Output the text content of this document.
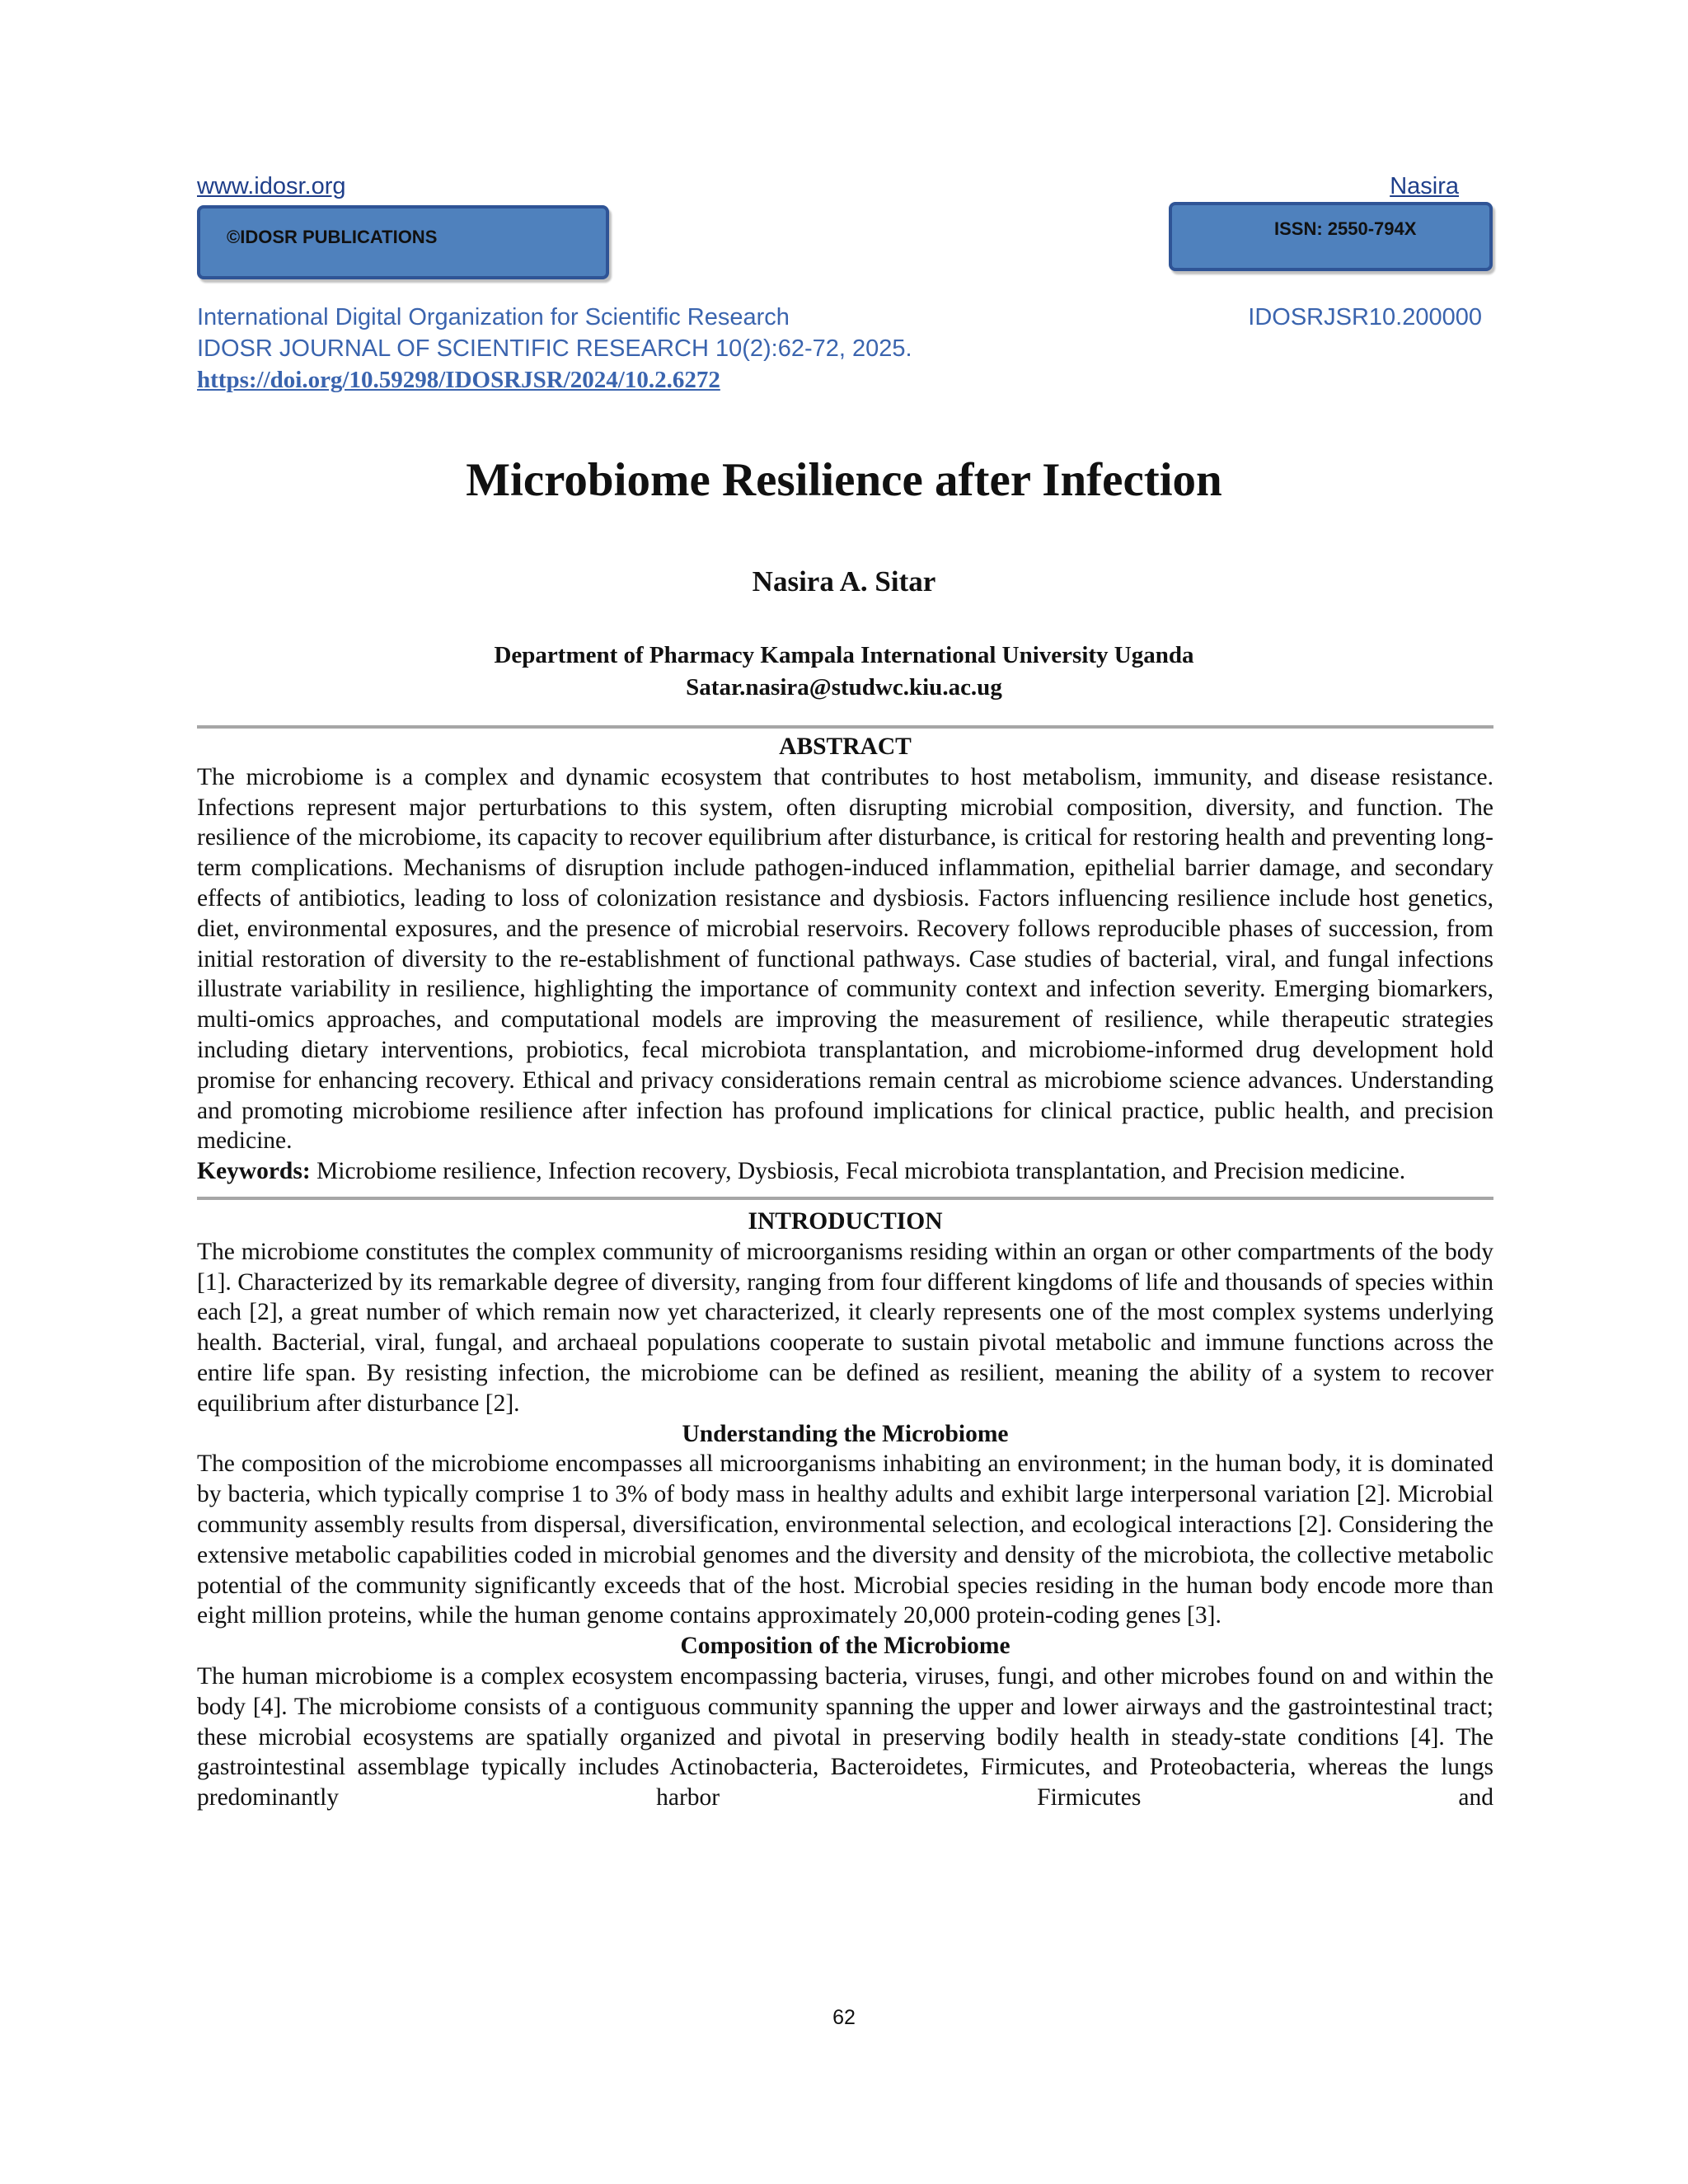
www.idosr.org	Nasira
©IDOSR PUBLICATIONS	ISSN: 2550-794X
International Digital Organization for Scientific Research	IDOSRJSR10.200000
IDOSR JOURNAL OF SCIENTIFIC RESEARCH 10(2):62-72, 2025.
https://doi.org/10.59298/IDOSRJSR/2024/10.2.6272
Microbiome Resilience after Infection
Nasira A. Sitar
Department of Pharmacy Kampala International University Uganda
Satar.nasira@studwc.kiu.ac.ug
ABSTRACT

The microbiome is a complex and dynamic ecosystem that contributes to host metabolism, immunity, and disease resistance. Infections represent major perturbations to this system, often disrupting microbial composition, diversity, and function. The resilience of the microbiome, its capacity to recover equilibrium after disturbance, is critical for restoring health and preventing long-term complications. Mechanisms of disruption include pathogen-induced inflammation, epithelial barrier damage, and secondary effects of antibiotics, leading to loss of colonization resistance and dysbiosis. Factors influencing resilience include host genetics, diet, environmental exposures, and the presence of microbial reservoirs. Recovery follows reproducible phases of succession, from initial restoration of diversity to the re-establishment of functional pathways. Case studies of bacterial, viral, and fungal infections illustrate variability in resilience, highlighting the importance of community context and infection severity. Emerging biomarkers, multi-omics approaches, and computational models are improving the measurement of resilience, while therapeutic strategies including dietary interventions, probiotics, fecal microbiota transplantation, and microbiome-informed drug development hold promise for enhancing recovery. Ethical and privacy considerations remain central as microbiome science advances. Understanding and promoting microbiome resilience after infection has profound implications for clinical practice, public health, and precision medicine.

Keywords: Microbiome resilience, Infection recovery, Dysbiosis, Fecal microbiota transplantation, and Precision medicine.

INTRODUCTION

The microbiome constitutes the complex community of microorganisms residing within an organ or other compartments of the body [1]. Characterized by its remarkable degree of diversity, ranging from four different kingdoms of life and thousands of species within each [2], a great number of which remain now yet characterized, it clearly represents one of the most complex systems underlying health. Bacterial, viral, fungal, and archaeal populations cooperate to sustain pivotal metabolic and immune functions across the entire life span. By resisting infection, the microbiome can be defined as resilient, meaning the ability of a system to recover equilibrium after disturbance [2].

Understanding the Microbiome

The composition of the microbiome encompasses all microorganisms inhabiting an environment; in the human body, it is dominated by bacteria, which typically comprise 1 to 3% of body mass in healthy adults and exhibit large interpersonal variation [2]. Microbial community assembly results from dispersal, diversification, environmental selection, and ecological interactions [2]. Considering the extensive metabolic capabilities coded in microbial genomes and the diversity and density of the microbiota, the collective metabolic potential of the community significantly exceeds that of the host. Microbial species residing in the human body encode more than eight million proteins, while the human genome contains approximately 20,000 protein-coding genes [3].

Composition of the Microbiome

The human microbiome is a complex ecosystem encompassing bacteria, viruses, fungi, and other microbes found on and within the body [4]. The microbiome consists of a contiguous community spanning the upper and lower airways and the gastrointestinal tract; these microbial ecosystems are spatially organized and pivotal in preserving bodily health in steady-state conditions [4]. The gastrointestinal assemblage typically includes Actinobacteria, Bacteroidetes, Firmicutes, and Proteobacteria, whereas the lungs predominantly harbor Firmicutes and

62
